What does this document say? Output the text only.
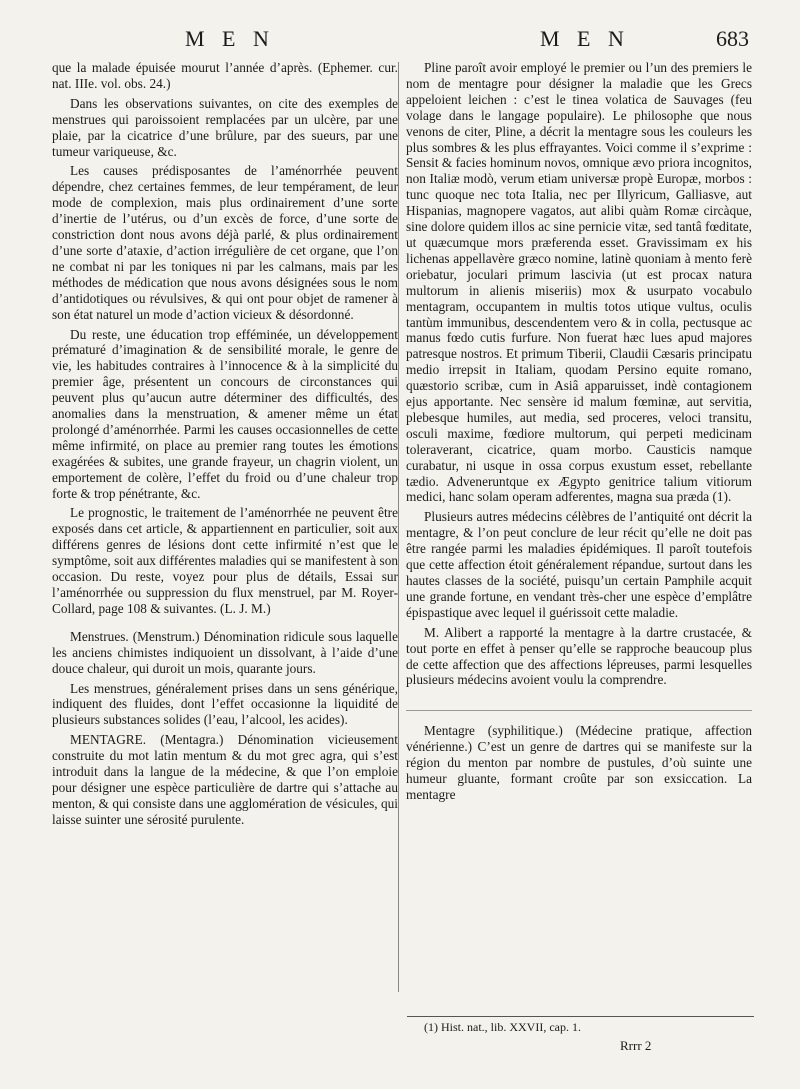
M E N	M E N	683

que la malade épuisée mourut l’année d’après. (Ephemer. cur. nat. IIIe. vol. obs. 24.)

Dans les observations suivantes, on cite des exemples de menstrues qui paroissoient remplacées par un ulcère, par une plaie, par la cicatrice d’une brûlure, par des sueurs, par une tumeur variqueuse, &c.

Les causes prédisposantes de l’aménorrhée peuvent dépendre, chez certaines femmes, de leur tempérament, de leur mode de complexion, mais plus ordinairement d’une sorte d’inertie de l’utérus, ou d’un excès de force, d’une sorte de constriction dont nous avons déjà parlé, & plus ordinairement d’une sorte d’ataxie, d’action irrégulière de cet organe, que l’on ne combat ni par les toniques ni par les calmans, mais par les méthodes de médication que nous avons désignées sous le nom d’antidotiques ou révulsives, & qui ont pour objet de ramener à son état naturel un mode d’action vicieux & désordonné.

Du reste, une éducation trop efféminée, un développement prématuré d’imagination & de sensibilité morale, le genre de vie, les habitudes contraires à l’innocence & à la simplicité du premier âge, présentent un concours de circonstances qui peuvent plus qu’aucun autre déterminer des difficultés, des anomalies dans la menstruation, & amener même un état prolongé d’aménorrhée. Parmi les causes occasionnelles de cette même infirmité, on place au premier rang toutes les émotions exagérées & subites, une grande frayeur, un chagrin violent, un emportement de colère, l’effet du froid ou d’une chaleur trop forte & trop pénétrante, &c.

Le prognostic, le traitement de l’aménorrhée ne peuvent être exposés dans cet article, & appartiennent en particulier, soit aux différens genres de lésions dont cette infirmité n’est que le symptôme, soit aux différentes maladies qui se manifestent à son occasion. Du reste, voyez pour plus de détails, Essai sur l’aménorrhée ou suppression du flux menstruel, par M. Royer-Collard, page 108 & suivantes. (L. J. M.)

Menstrues. (Menstrum.) Dénomination ridicule sous laquelle les anciens chimistes indiquoient un dissolvant, à l’aide d’une douce chaleur, qui duroit un mois, quarante jours.

Les menstrues, généralement prises dans un sens générique, indiquent des fluides, dont l’effet occasionne la liquidité de plusieurs substances solides (l’eau, l’alcool, les acides).

MENTAGRE. (Mentagra.) Dénomination vicieusement construite du mot latin mentum & du mot grec agra, qui s’est introduit dans la langue de la médecine, & que l’on emploie pour désigner une espèce particulière de dartre qui s’attache au menton, & qui consiste dans une agglomération de vésicules, qui laisse suinter une sérosité purulente.

Pline paroît avoir employé le premier ou l’un des premiers le nom de mentagre pour désigner la maladie que les Grecs appeloient leichen : c’est le tinea volatica de Sauvages (feu volage dans le langage populaire). Le philosophe que nous venons de citer, Pline, a décrit la mentagre sous les couleurs les plus sombres & les plus effrayantes. Voici comme il s’exprime : Sensit & facies hominum novos, omnique ævo priora incognitos, non Italiæ modò, verum etiam universæ propè Europæ, morbos : tunc quoque nec tota Italia, nec per Illyricum, Galliasve, aut Hispanias, magnopere vagatos, aut alibi quàm Romæ circàque, sine dolore quidem illos ac sine pernicie vitæ, sed tantâ fœditate, ut quæcumque mors præferenda esset. Gravissimam ex his lichenas appellavère græco nomine, latinè quoniam à mento ferè oriebatur, joculari primum lascivia (ut est procax natura multorum in alienis miseriis) mox & usurpato vocabulo mentagram, occupantem in multis totos utique vultus, oculis tantùm immunibus, descendentem vero & in colla, pectusque ac manus fœdo cutis furfure. Non fuerat hæc lues apud majores patresque nostros. Et primum Tiberii, Claudii Cæsaris principatu medio irrepsit in Italiam, quodam Persino equite romano, quæstorio scribæ, cum in Asiâ apparuisset, indè contagionem ejus apportante. Nec sensère id malum fœminæ, aut servitia, plebesque humiles, aut media, sed proceres, veloci transitu, osculi maxime, fœdiore multorum, qui perpeti medicinam toleraverant, cicatrice, quam morbo. Causticis namque curabatur, ni usque in ossa corpus exustum esset, rebellante tædio. Adveneruntque ex Ægypto genitrice talium vitiorum medici, hanc solam operam adferentes, magna sua præda (1).

Plusieurs autres médecins célèbres de l’antiquité ont décrit la mentagre, & l’on peut conclure de leur récit qu’elle ne doit pas être rangée parmi les maladies épidémiques. Il paroît toutefois que cette affection étoit généralement répandue, surtout dans les hautes classes de la société, puisqu’un certain Pamphile acquit une grande fortune, en vendant très-cher une espèce d’emplâtre épispastique avec lequel il guérissoit cette maladie.

M. Alibert a rapporté la mentagre à la dartre crustacée, & tout porte en effet à penser qu’elle se rapproche beaucoup plus de cette affection que des affections lépreuses, parmi lesquelles plusieurs médecins avoient voulu la comprendre.

Mentagre (syphilitique.) (Médecine pratique, affection vénérienne.) C’est un genre de dartres qui se manifeste sur la région du menton par nombre de pustules, d’où suinte une humeur gluante, formant croûte par son exsiccation. La mentagre

(1) Hist. nat., lib. XXVII, cap. 1.
Rrrr 2
